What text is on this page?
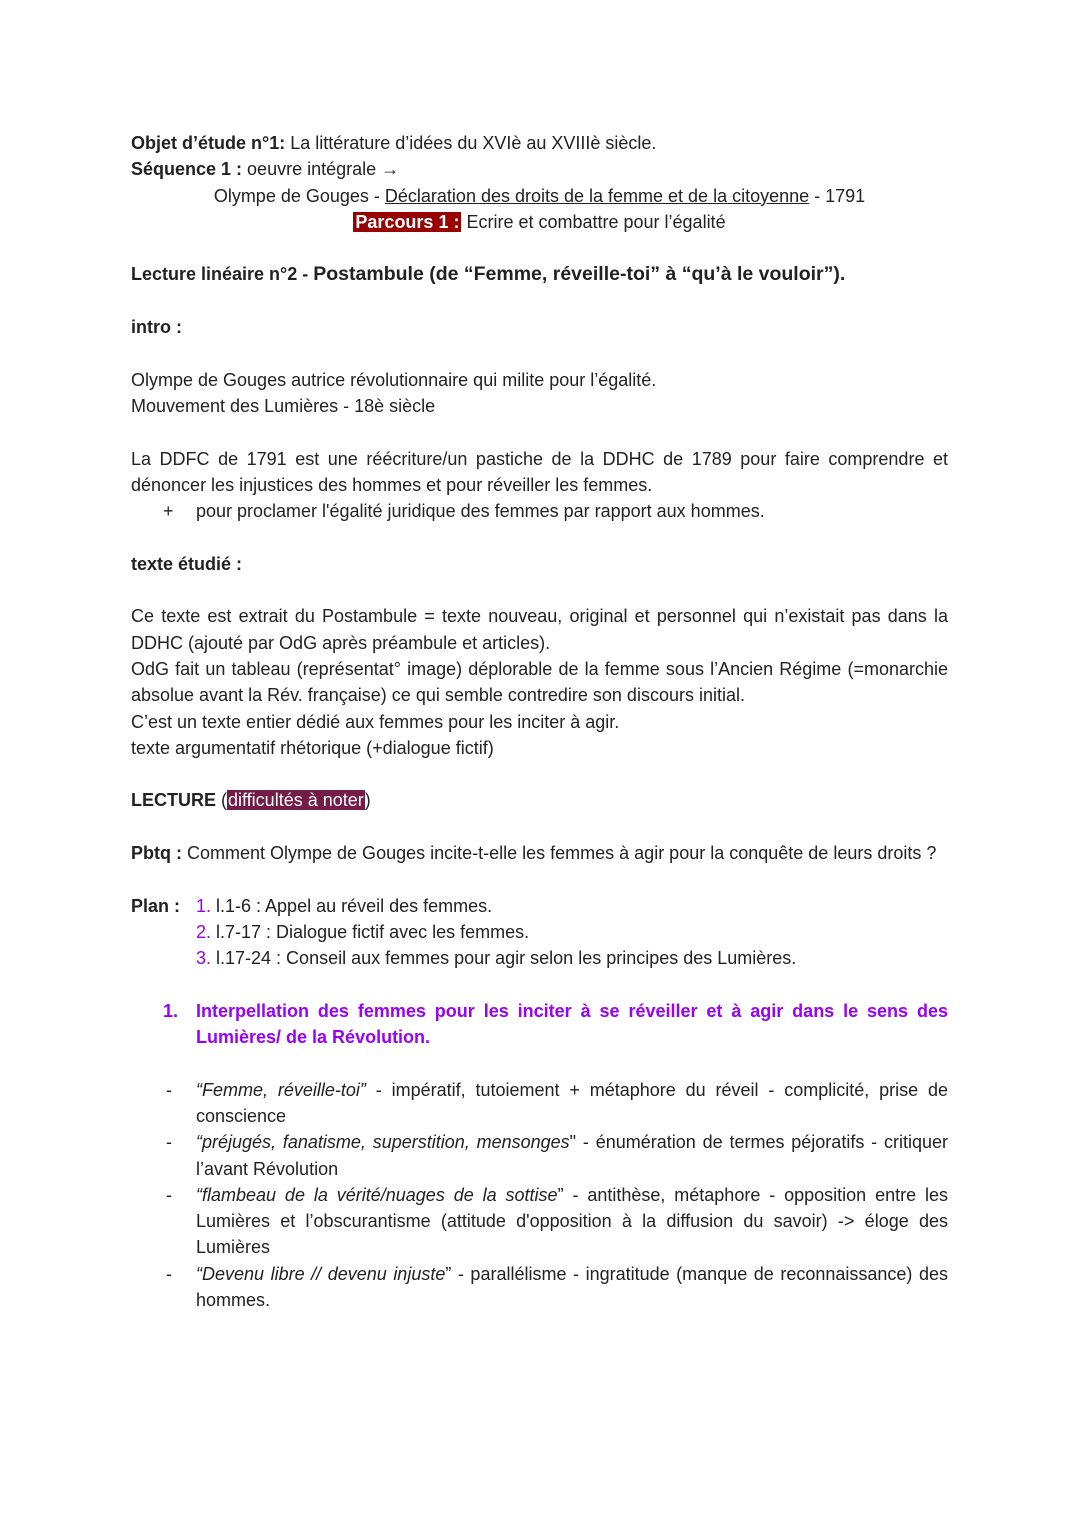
Objet d’étude n°1: La littérature d’idées du XVIè au XVIIIè siècle.
Séquence 1 : oeuvre intégrale →
Olympe de Gouges - Déclaration des droits de la femme et de la citoyenne - 1791
Parcours 1 : Ecrire et combattre pour l’égalité
Lecture linéaire n°2 - Postambule (de “Femme, réveille-toi” à “qu’à le vouloir”).
intro :
Olympe de Gouges autrice révolutionnaire qui milite pour l’égalité.
Mouvement des Lumières - 18è siècle

La DDFC de 1791 est une réécriture/un pastiche de la DDHC de 1789 pour faire comprendre et dénoncer les injustices des hommes et pour réveiller les femmes.

+	pour proclamer l'égalité juridique des femmes par rapport aux hommes.
texte étudié :

Ce texte est extrait du Postambule = texte nouveau, original et personnel qui n’existait pas dans la DDHC (ajouté par OdG après préambule et articles).

OdG fait un tableau (représentat° image) déplorable de la femme sous l’Ancien Régime (=monarchie absolue avant la Rév. française) ce qui semble contredire son discours initial.

C’est un texte entier dédié aux femmes pour les inciter à agir.

texte argumentatif rhétorique (+dialogue fictif)

LECTURE (difficultés à noter)

Pbtq : Comment Olympe de Gouges incite-t-elle les femmes à agir pour la conquête de leurs droits ?

Plan : 1. l.1-6 : Appel au réveil des femmes.
2. l.7-17 : Dialogue fictif avec les femmes.
3. l.17-24 : Conseil aux femmes pour agir selon les principes des Lumières.
1. Interpellation des femmes pour les inciter à se réveiller et à agir dans le sens des Lumières/ de la Révolution.
-	“Femme, réveille-toi” - impératif, tutoiement + métaphore du réveil - complicité, prise de conscience
-	“préjugés, fanatisme, superstition, mensonges" - énumération de termes péjoratifs - critiquer l’avant Révolution
-	“flambeau de la vérité/nuages de la sottise” - antithèse, métaphore - opposition entre les Lumières et l’obscurantisme (attitude d'opposition à la diffusion du savoir) -> éloge des Lumières
-	“Devenu libre // devenu injuste” - parallélisme - ingratitude (manque de reconnaissance) des hommes.
